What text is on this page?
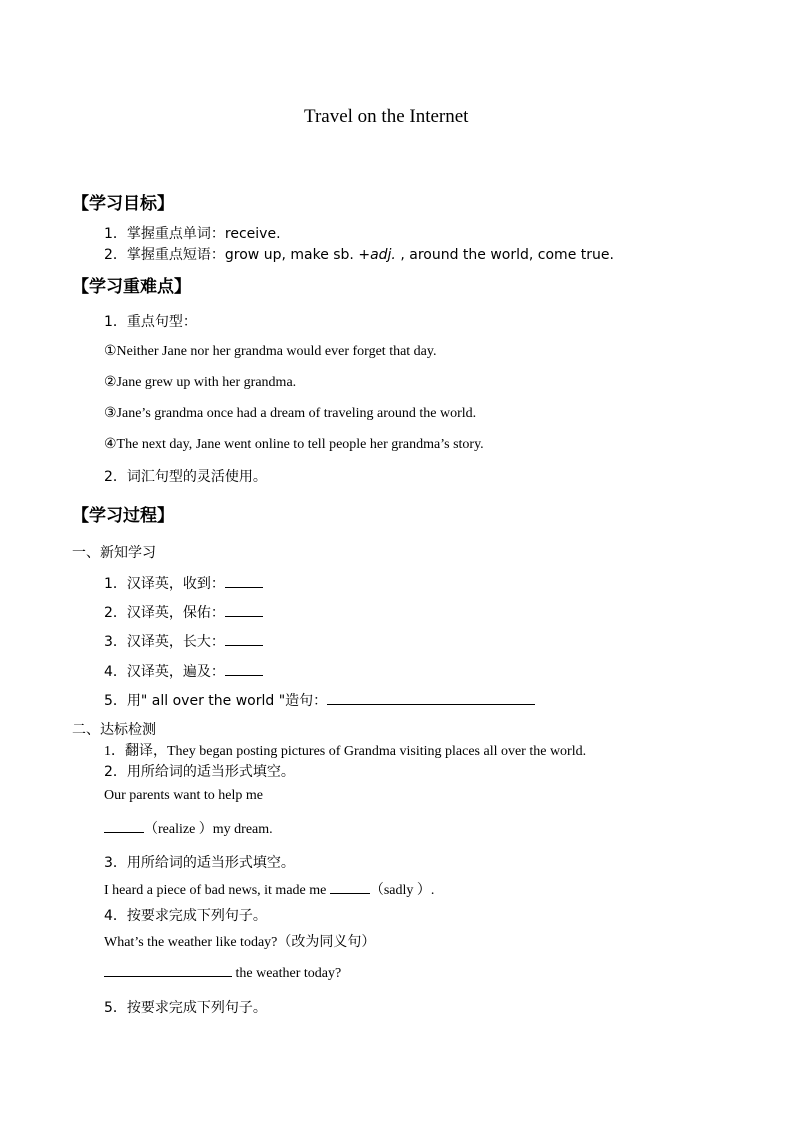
Travel on the Internet
【学习目标】
1．掌握重点单词：receive.
2．掌握重点短语：grow up, make sb. +adj. , around the world, come true.
【学习重难点】
1．重点句型：
①Neither Jane nor her grandma would ever forget that day.
②Jane grew up with her grandma.
③Jane’s grandma once had a dream of traveling around the world.
④The next day, Jane went online to tell people her grandma’s story.
2．词汇句型的灵活使用。
【学习过程】
一、新知学习
1．汉译英，收到：
2．汉译英，保佑：
3．汉译英，长大：
4．汉译英，遍及：
5．用" all over the world "造句：
二、达标检测
1．翻译，They began posting pictures of Grandma visiting places all over the world.
2．用所给词的适当形式填空。
Our parents want to help me
（realize ）my dream.
3．用所给词的适当形式填空。
I heard a piece of bad news, it made me	（sadly ）.
4．按要求完成下列句子。
What’s the weather like today?（改为同义句）
the weather today?
5．按要求完成下列句子。
